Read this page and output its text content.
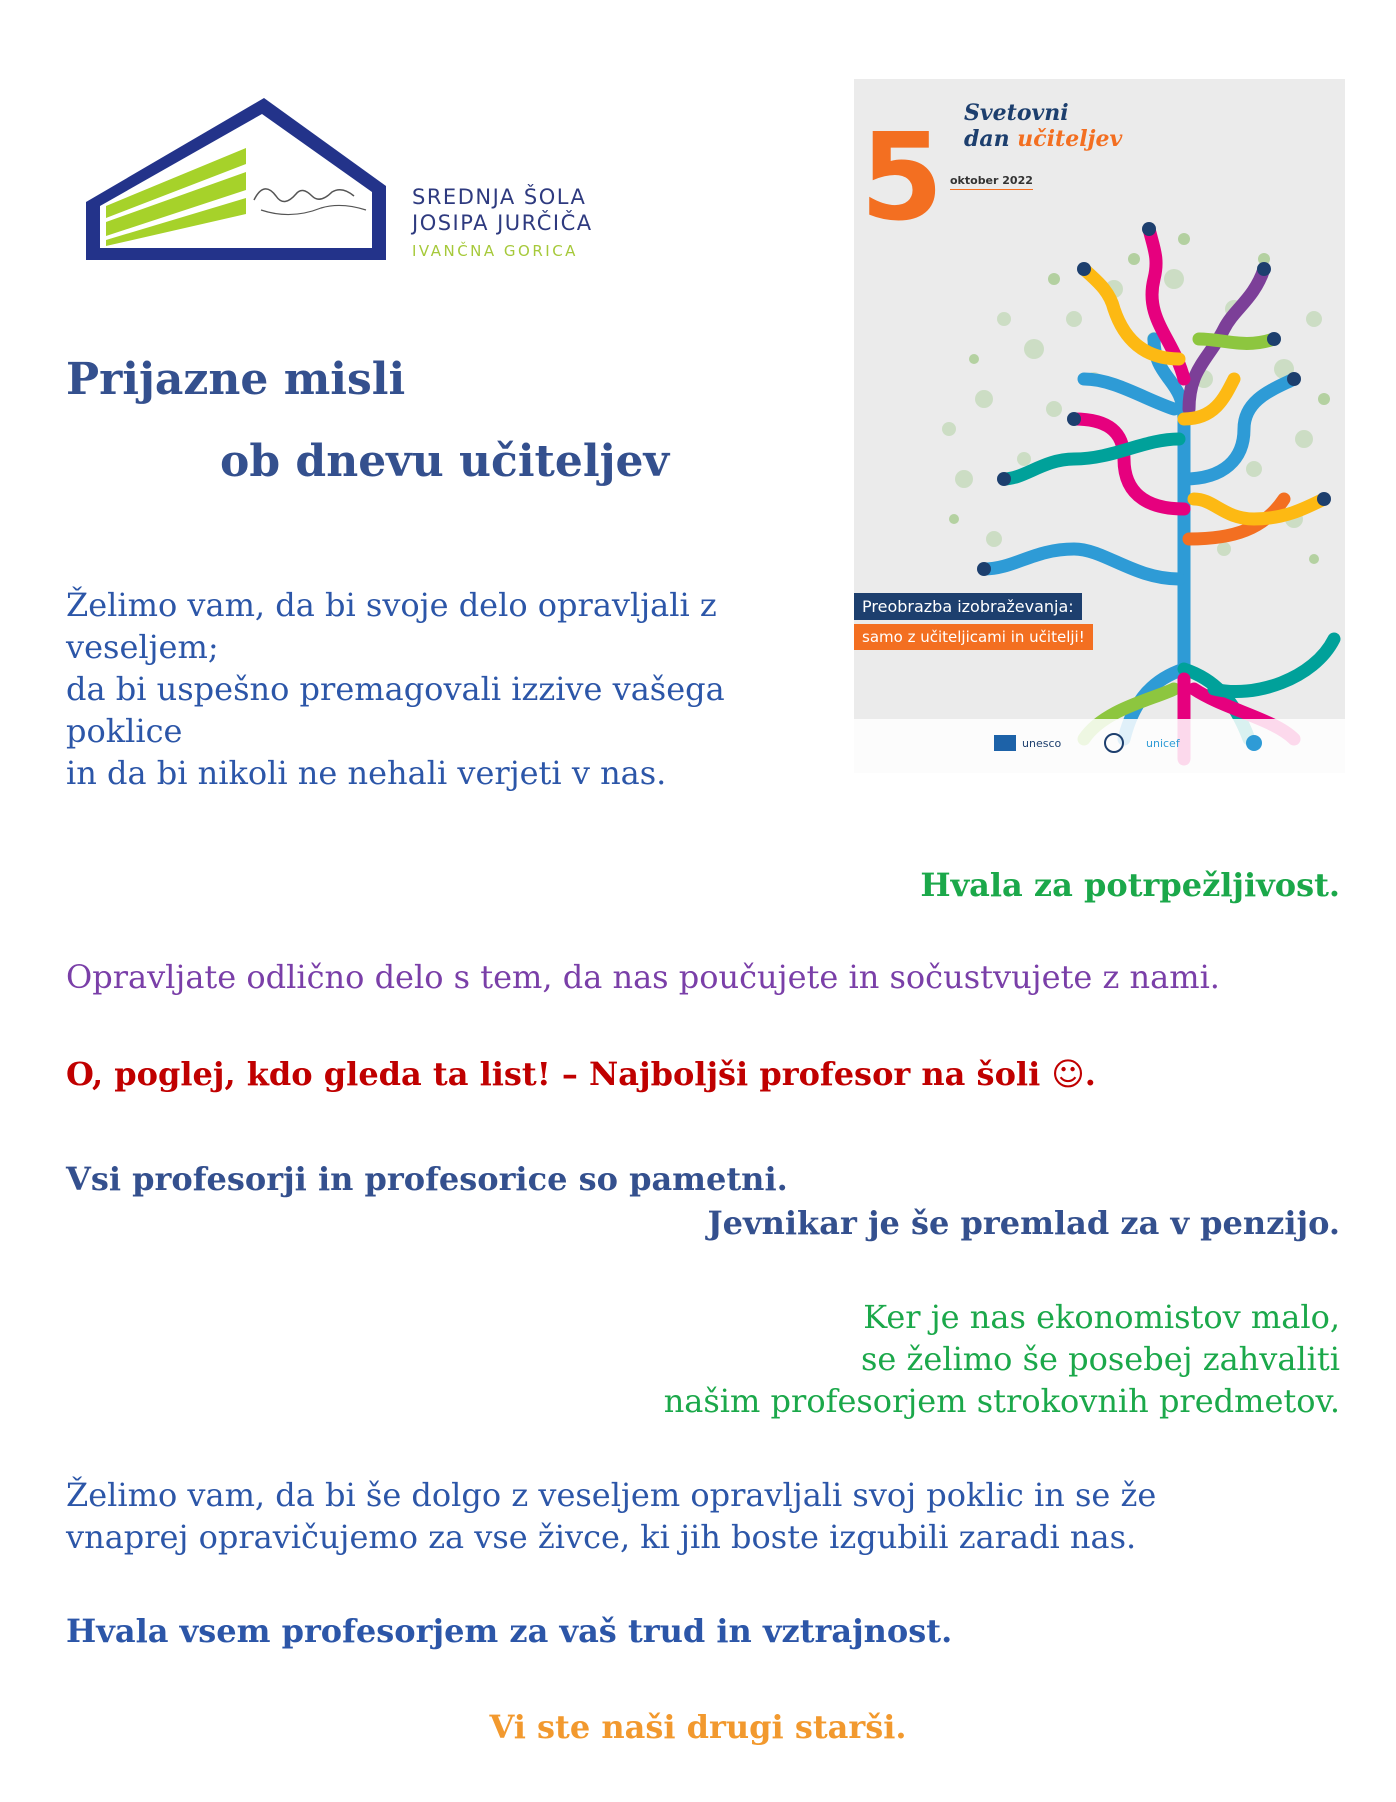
SREDNJA ŠOLA
JOSIPA JURČIČA
IVANČNA GORICA
Prijazne misli
ob dnevu učiteljev
Želimo vam, da bi svoje delo opravljali z
veseljem;
da bi uspešno premagovali izzive vašega
poklice
in da bi nikoli ne nehali verjeti v nas.
5 Svetovni
dan učiteljev
oktober 2022
Preobrazba izobraževanja:
samo z učiteljicami in učitelji!
unesco	unicef
Hvala za potrpežljivost.
Opravljate odlično delo s tem, da nas poučujete in sočustvujete z nami.
O, poglej, kdo gleda ta list! – Najboljši profesor na šoli ☺.
Vsi profesorji in profesorice so pametni.
Jevnikar je še premlad za v penzijo.
Ker je nas ekonomistov malo,
se želimo še posebej zahvaliti
našim profesorjem strokovnih predmetov.
Želimo vam, da bi še dolgo z veseljem opravljali svoj poklic in se že
vnaprej opravičujemo za vse živce, ki jih boste izgubili zaradi nas.
Hvala vsem profesorjem za vaš trud in vztrajnost.
Vi ste naši drugi starši.
